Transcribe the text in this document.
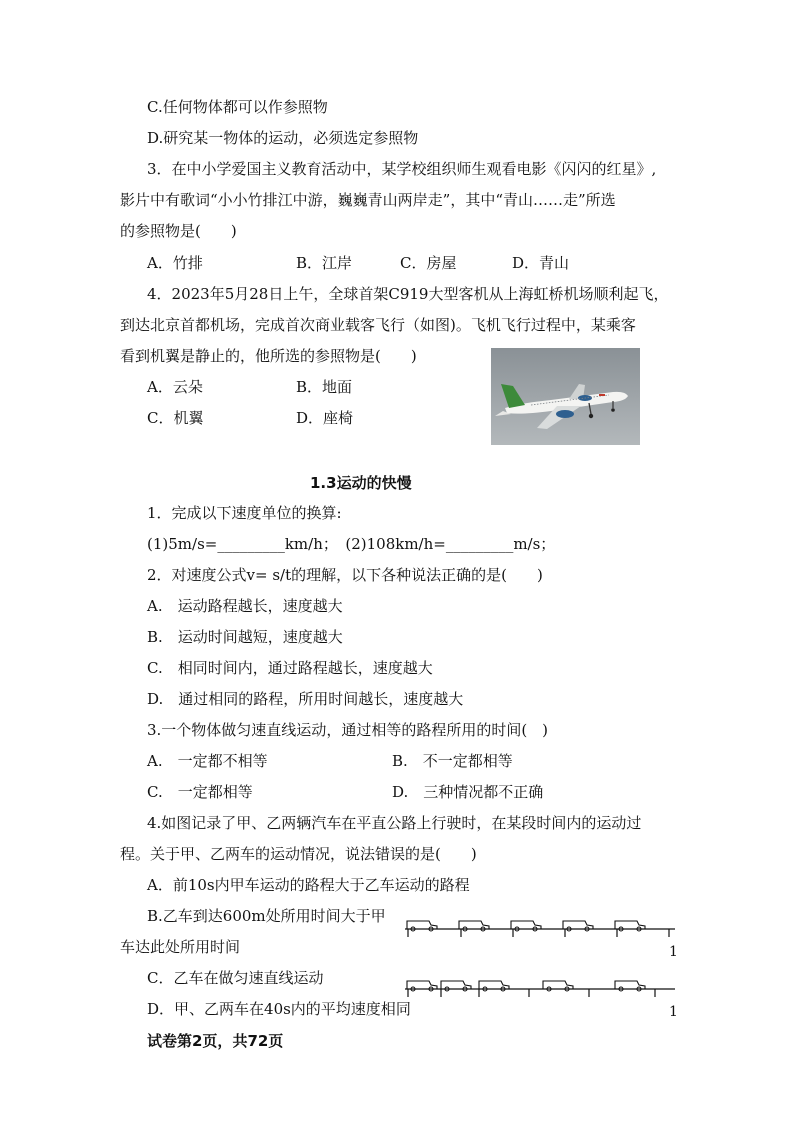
C.任何物体都可以作参照物
D.研究某一物体的运动，必须选定参照物
3．在中小学爱国主义教育活动中，某学校组织师生观看电影《闪闪的红星》,
影片中有歌词“小小竹排江中游，巍巍青山两岸走”，其中“青山……走”所选
的参照物是(　　)
A．竹排	B．江岸	C．房屋	D．青山
4．2023年5月28日上午，全球首架C919大型客机从上海虹桥机场顺利起飞，
到达北京首都机场，完成首次商业载客飞行（如图)。飞机飞行过程中，某乘客
看到机翼是静止的，他所选的参照物是(　　)
A．云朵	B．地面
C．机翼	D．座椅
1.3运动的快慢
1．完成以下速度单位的换算:
(1)5m/s=_________km/h；　(2)108km/h=_________m/s；
2．对速度公式v= s/t的理解，以下各种说法正确的是(　　)
A.　运动路程越长，速度越大
B.　运动时间越短，速度越大
C.　相同时间内，通过路程越长，速度越大
D.　通过相同的路程，所用时间越长，速度越大
3.一个物体做匀速直线运动，通过相等的路程所用的时间(　)
A.　一定都不相等	B.　不一定都相等
C.　一定都相等	D.　三种情况都不正确
4.如图记录了甲、乙两辆汽车在平直公路上行驶时，在某段时间内的运动过
程。关于甲、乙两车的运动情况，说法错误的是(　　)
A．前10s内甲车运动的路程大于乙车运动的路程
B.乙车到达600m处所用时间大于甲
车达此处所用时间
C．乙车在做匀速直线运动
D．甲、乙两车在40s内的平均速度相同
1
1
试卷第2页，共72页
